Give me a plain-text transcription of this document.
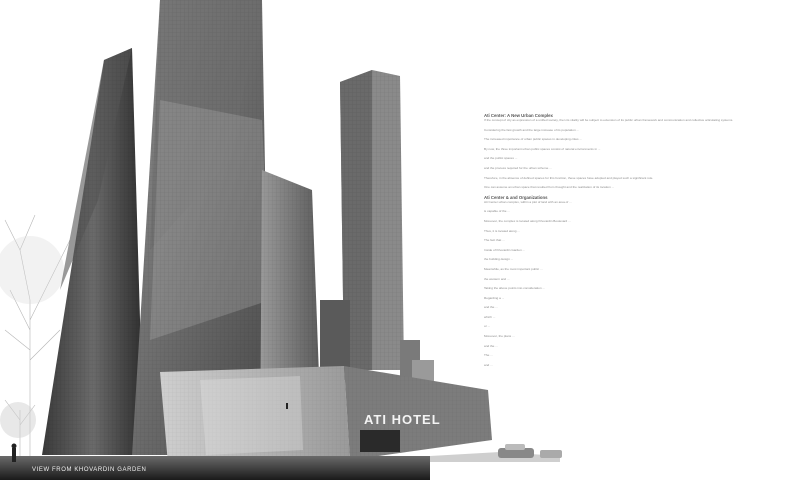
ATI HOTEL
VIEW FROM KHOVARDIN GARDEN
Ati Center: A New Urban Complex

If the concept of city as expression of a unified society, then its vitality will be subject to extension of its public urban framework and communication and collective articulating systems.

Considering the fast growth and the large increase of its population ...

The increased importance of urban public spaces in developing cities ...

By now, the three important urban public spaces consist of natural environments in ...

and the public spaces ...

and the process required for the urban scheme ...

Therefore, in the absence of defined spaces for this function, these spaces have adopted and played such a significant role.

One can assume an urban space that resulted from thought and the realization of its location ...

Ati Center & and Organizations

Ati Center urban complex, within a plot of land with an area of ...

is capable of the ...

Moreover, the complex is located along Khovardin Boulevard ...

Thus, it is located along ...

The fact that ...

Inside of Khovardin Garden ...

the building design ...

Meanwhile, as the most important public ...

the western and ...

Taking the above points into consideration ...

Regarding a ...

and the ...

which ...

or ...

Moreover, the plans ...

and the ...

The ...

and ...
